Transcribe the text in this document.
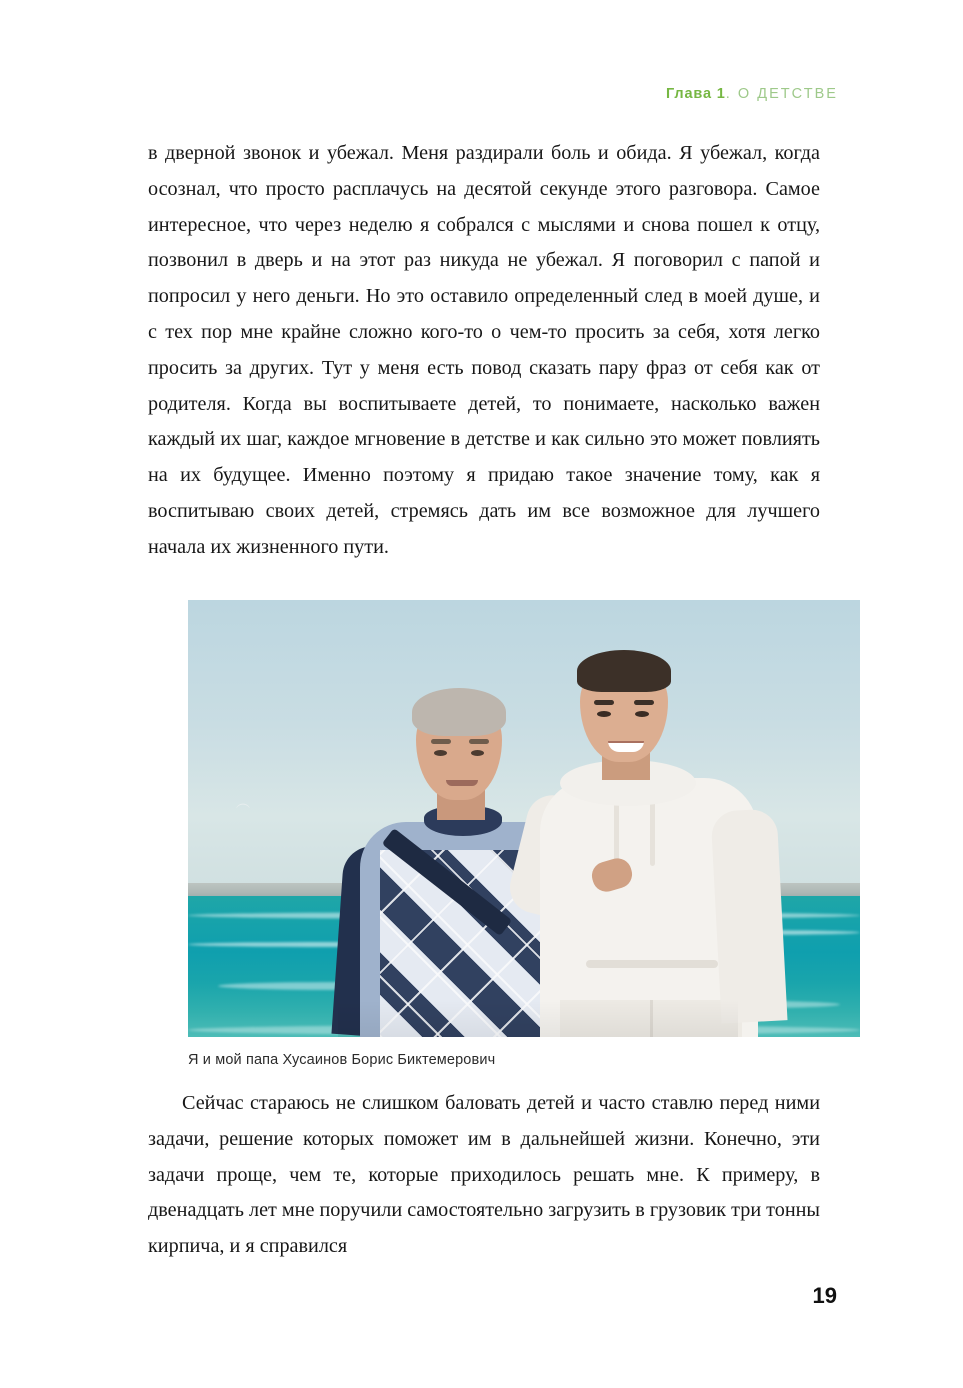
Глава 1. О ДЕТСТВЕ
в дверной звонок и убежал. Меня раздирали боль и обида. Я убежал, когда осознал, что просто расплачусь на десятой секунде этого разговора. Самое интересное, что через неделю я собрался с мыслями и снова пошел к отцу, позвонил в дверь и на этот раз никуда не убежал. Я поговорил с папой и попросил у него деньги. Но это оставило определенный след в моей душе, и с тех пор мне крайне сложно кого-то о чем-то просить за себя, хотя легко просить за других. Тут у меня есть повод сказать пару фраз от себя как от родителя. Когда вы воспитываете детей, то понимаете, насколько важен каждый их шаг, каждое мгновение в детстве и как сильно это может повлиять на их будущее. Именно поэтому я придаю такое значение тому, как я воспитываю своих детей, стремясь дать им все возможное для лучшего начала их жизненного пути.
︵
Я и мой папа Хусаинов Борис Биктемерович
Сейчас стараюсь не слишком баловать детей и часто ставлю перед ними задачи, решение которых поможет им в дальнейшей жизни. Конечно, эти задачи проще, чем те, которые приходилось решать мне. К примеру, в двенадцать лет мне поручили самостоятельно загрузить в грузовик три тонны кирпича, и я справился
19
